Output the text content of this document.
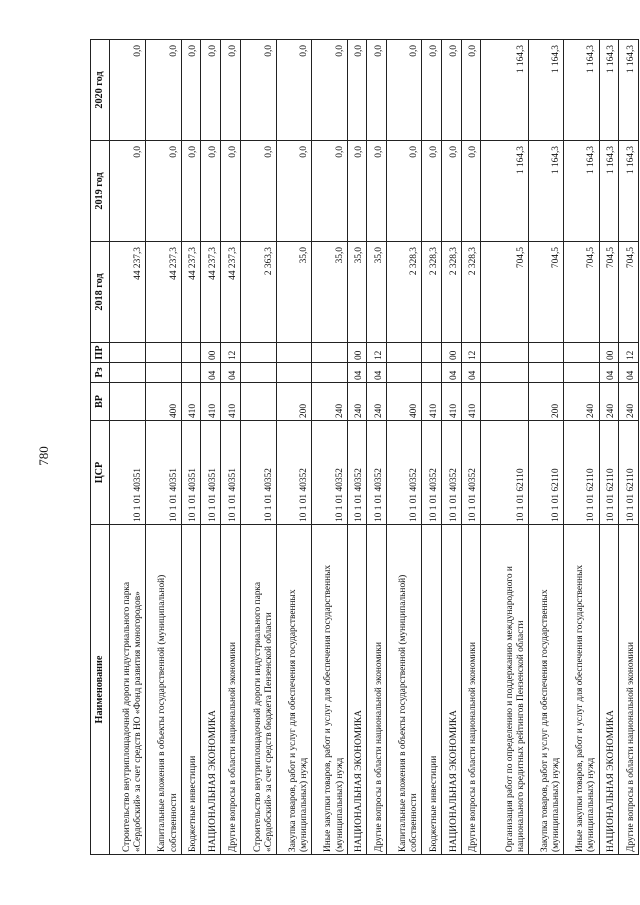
780
Наименование	ЦСР	ВР	Рз	ПР	2018 год	2019 год	2020 год
Строительство внутриплощадочной дороги индустриального парка «Сердобский» за счет средств НО «Фонд развития моногородов»	10 1 01 40351				44 237,3	0,0	0,0
Капитальные вложения в объекты государственной (муниципальной) собственности	10 1 01 40351	400			44 237,3	0,0	0,0
Бюджетные инвестиции	10 1 01 40351	410			44 237,3	0,0	0,0
НАЦИОНАЛЬНАЯ ЭКОНОМИКА	10 1 01 40351	410	04	00	44 237,3	0,0	0,0
Другие вопросы в области национальной экономики	10 1 01 40351	410	04	12	44 237,3	0,0	0,0
Строительство внутриплощадочной дороги индустриального парка «Сердобский» за счет средств бюджета Пензенской области	10 1 01 40352				2 363,3	0,0	0,0
Закупка товаров, работ и услуг для обеспечения государственных (муниципальных) нужд	10 1 01 40352	200			35,0	0,0	0,0
Иные закупки товаров, работ и услуг для обеспечения государственных (муниципальных) нужд	10 1 01 40352	240			35,0	0,0	0,0
НАЦИОНАЛЬНАЯ ЭКОНОМИКА	10 1 01 40352	240	04	00	35,0	0,0	0,0
Другие вопросы в области национальной экономики	10 1 01 40352	240	04	12	35,0	0,0	0,0
Капитальные вложения в объекты государственной (муниципальной) собственности	10 1 01 40352	400			2 328,3	0,0	0,0
Бюджетные инвестиции	10 1 01 40352	410			2 328,3	0,0	0,0
НАЦИОНАЛЬНАЯ ЭКОНОМИКА	10 1 01 40352	410	04	00	2 328,3	0,0	0,0
Другие вопросы в области национальной экономики	10 1 01 40352	410	04	12	2 328,3	0,0	0,0
Организация работ по определению и поддержанию международного и национального кредитных рейтингов Пензенской области	10 1 01 62110				704,5	1 164,3	1 164,3
Закупка товаров, работ и услуг для обеспечения государственных (муниципальных) нужд	10 1 01 62110	200			704,5	1 164,3	1 164,3
Иные закупки товаров, работ и услуг для обеспечения государственных (муниципальных) нужд	10 1 01 62110	240			704,5	1 164,3	1 164,3
НАЦИОНАЛЬНАЯ ЭКОНОМИКА	10 1 01 62110	240	04	00	704,5	1 164,3	1 164,3
Другие вопросы в области национальной экономики	10 1 01 62110	240	04	12	704,5	1 164,3	1 164,3
